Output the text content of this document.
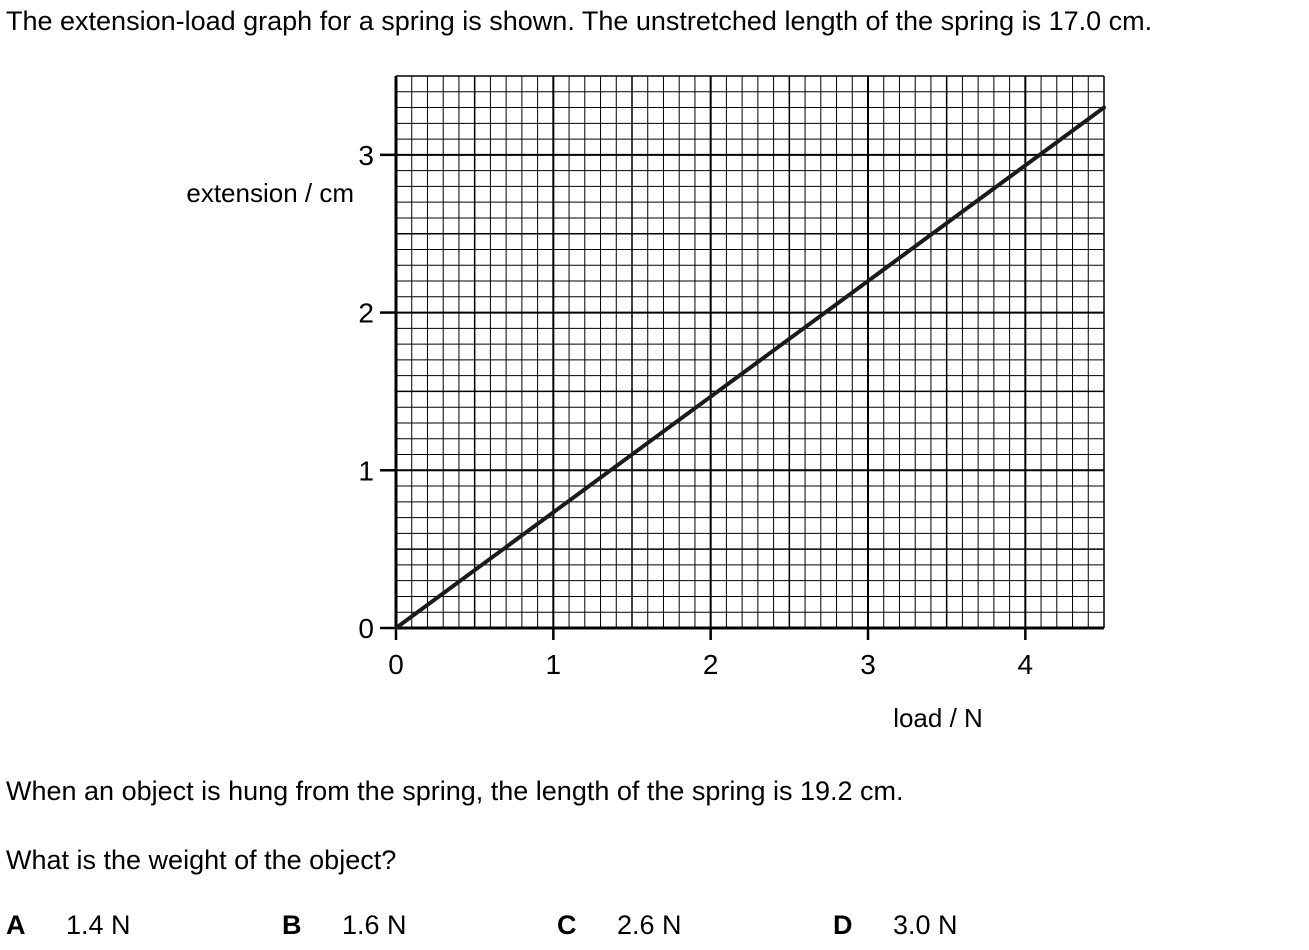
The extension-load graph for a spring is shown. The unstretched length of the spring is 17.0 cm.
0	1	2	3	4
0
1
2
3
extension / cm
load / N
When an object is hung from the spring, the length of the spring is 19.2 cm.
What is the weight of the object?
A 1.4 N	B 1.6 N	C 2.6 N	D 3.0 N
